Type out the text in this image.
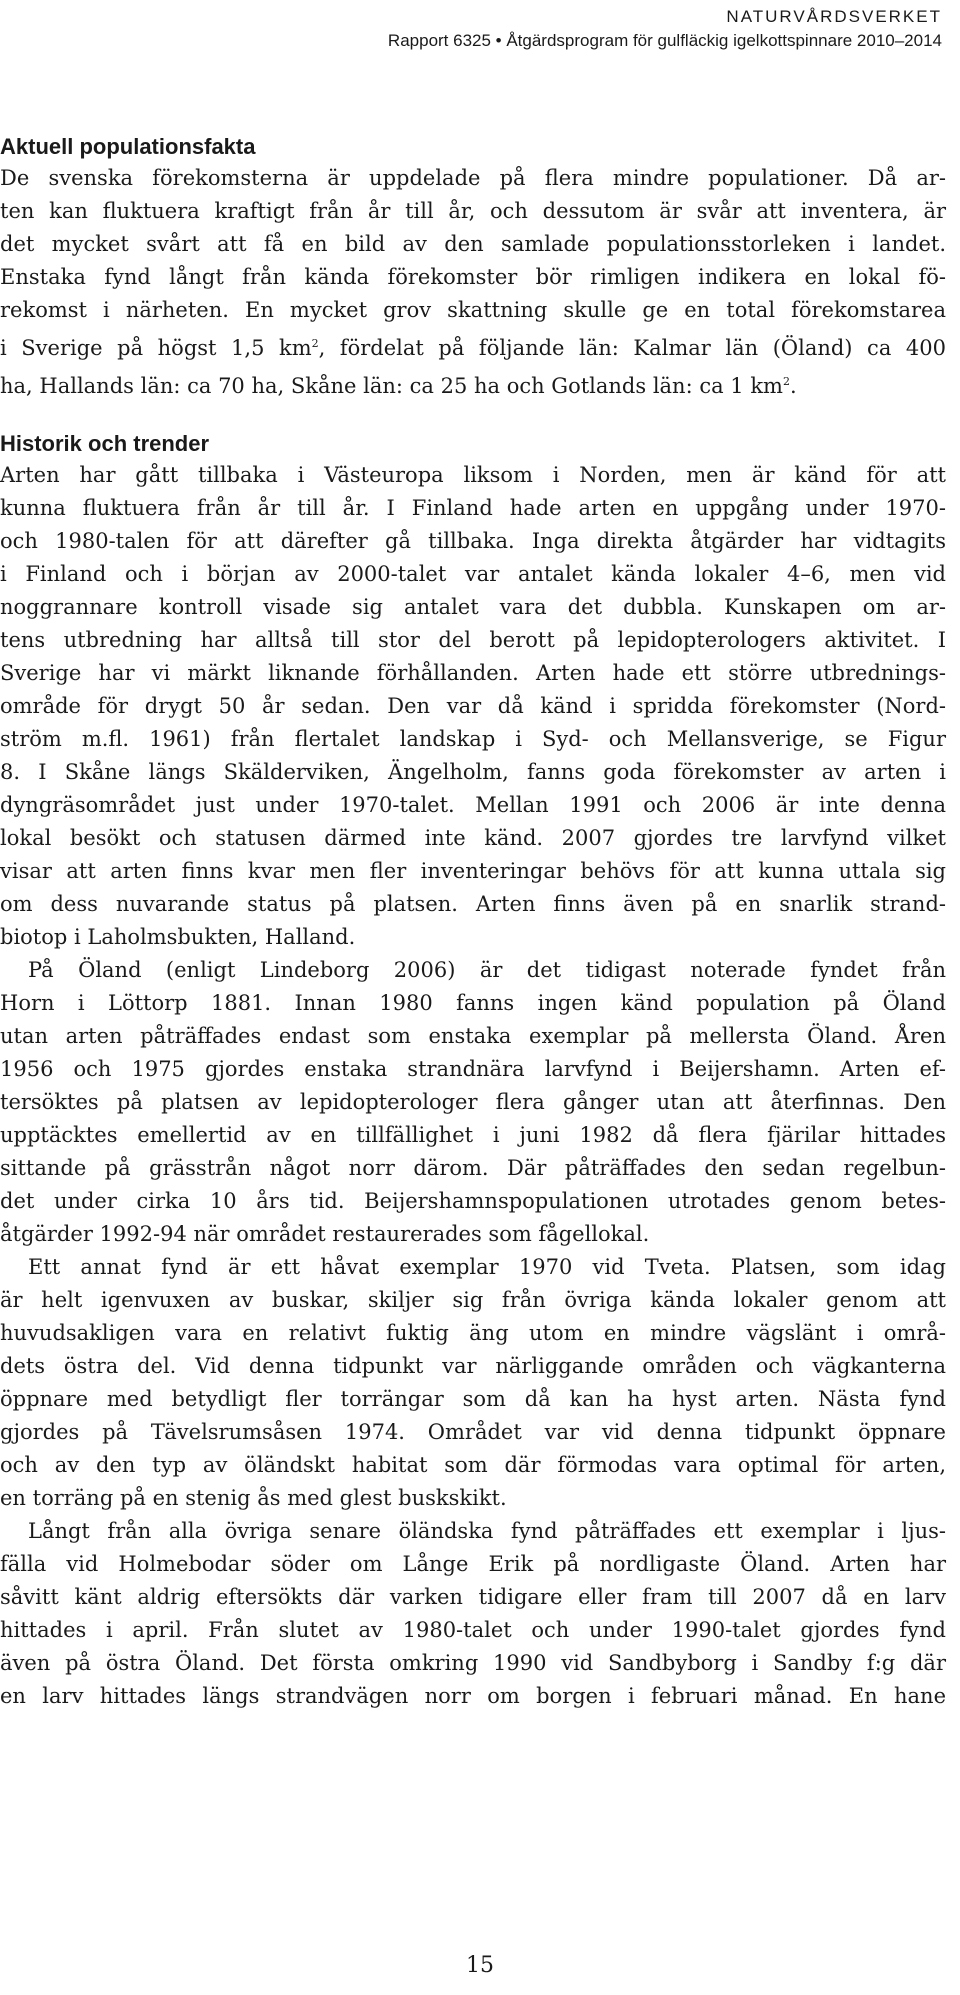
NATURVÅRDSVERKET
Rapport 6325 • Åtgärdsprogram för gulfläckig igelkottspinnare 2010–2014
Aktuell populationsfakta
De svenska förekomsterna är uppdelade på flera mindre populationer. Då ar-
ten kan fluktuera kraftigt från år till år, och dessutom är svår att inventera, är
det mycket svårt att få en bild av den samlade populationsstorleken i landet.
Enstaka fynd långt från kända förekomster bör rimligen indikera en lokal fö-
rekomst i närheten. En mycket grov skattning skulle ge en total förekomstarea
i Sverige på högst 1,5 $km^2$, fördelat på följande län: Kalmar län (Öland) ca 400
ha, Hallands län: ca 70 ha, Skåne län: ca 25 ha och Gotlands län: ca 1 $km^2$.
Historik och trender
Arten har gått tillbaka i Västeuropa liksom i Norden, men är känd för att
kunna fluktuera från år till år. I Finland hade arten en uppgång under 1970-
och 1980-talen för att därefter gå tillbaka. Inga direkta åtgärder har vidtagits
i Finland och i början av 2000-talet var antalet kända lokaler 4–6, men vid
noggrannare kontroll visade sig antalet vara det dubbla. Kunskapen om ar-
tens utbredning har alltså till stor del berott på lepidopterologers aktivitet. I
Sverige har vi märkt liknande förhållanden. Arten hade ett större utbrednings-
område för drygt 50 år sedan. Den var då känd i spridda förekomster (Nord-
ström m.fl. 1961) från flertalet landskap i Syd- och Mellansverige, se Figur
8. I Skåne längs Skälderviken, Ängelholm, fanns goda förekomster av arten i
dyngräsområdet just under 1970-talet. Mellan 1991 och 2006 är inte denna
lokal besökt och statusen därmed inte känd. 2007 gjordes tre larvfynd vilket
visar att arten finns kvar men fler inventeringar behövs för att kunna uttala sig
om dess nuvarande status på platsen. Arten finns även på en snarlik strand-
biotop i Laholmsbukten, Halland.
På Öland (enligt Lindeborg 2006) är det tidigast noterade fyndet från
Horn i Löttorp 1881. Innan 1980 fanns ingen känd population på Öland
utan arten påträffades endast som enstaka exemplar på mellersta Öland. Åren
1956 och 1975 gjordes enstaka strandnära larvfynd i Beijershamn. Arten ef-
tersöktes på platsen av lepidopterologer flera gånger utan att återfinnas. Den
upptäcktes emellertid av en tillfällighet i juni 1982 då flera fjärilar hittades
sittande på grässtrån något norr därom. Där påträffades den sedan regelbun-
det under cirka 10 års tid. Beijershamnspopulationen utrotades genom betes-
åtgärder 1992-94 när området restaurerades som fågellokal.
Ett annat fynd är ett håvat exemplar 1970 vid Tveta. Platsen, som idag
är helt igenvuxen av buskar, skiljer sig från övriga kända lokaler genom att
huvudsakligen vara en relativt fuktig äng utom en mindre vägslänt i områ-
dets östra del. Vid denna tidpunkt var närliggande områden och vägkanterna
öppnare med betydligt fler torrängar som då kan ha hyst arten. Nästa fynd
gjordes på Tävelsrumsåsen 1974. Området var vid denna tidpunkt öppnare
och av den typ av öländskt habitat som där förmodas vara optimal för arten,
en torräng på en stenig ås med glest buskskikt.
Långt från alla övriga senare öländska fynd påträffades ett exemplar i ljus-
fälla vid Holmebodar söder om Långe Erik på nordligaste Öland. Arten har
såvitt känt aldrig eftersökts där varken tidigare eller fram till 2007 då en larv
hittades i april. Från slutet av 1980-talet och under 1990-talet gjordes fynd
även på östra Öland. Det första omkring 1990 vid Sandbyborg i Sandby f:g där
en larv hittades längs strandvägen norr om borgen i februari månad. En hane
15
